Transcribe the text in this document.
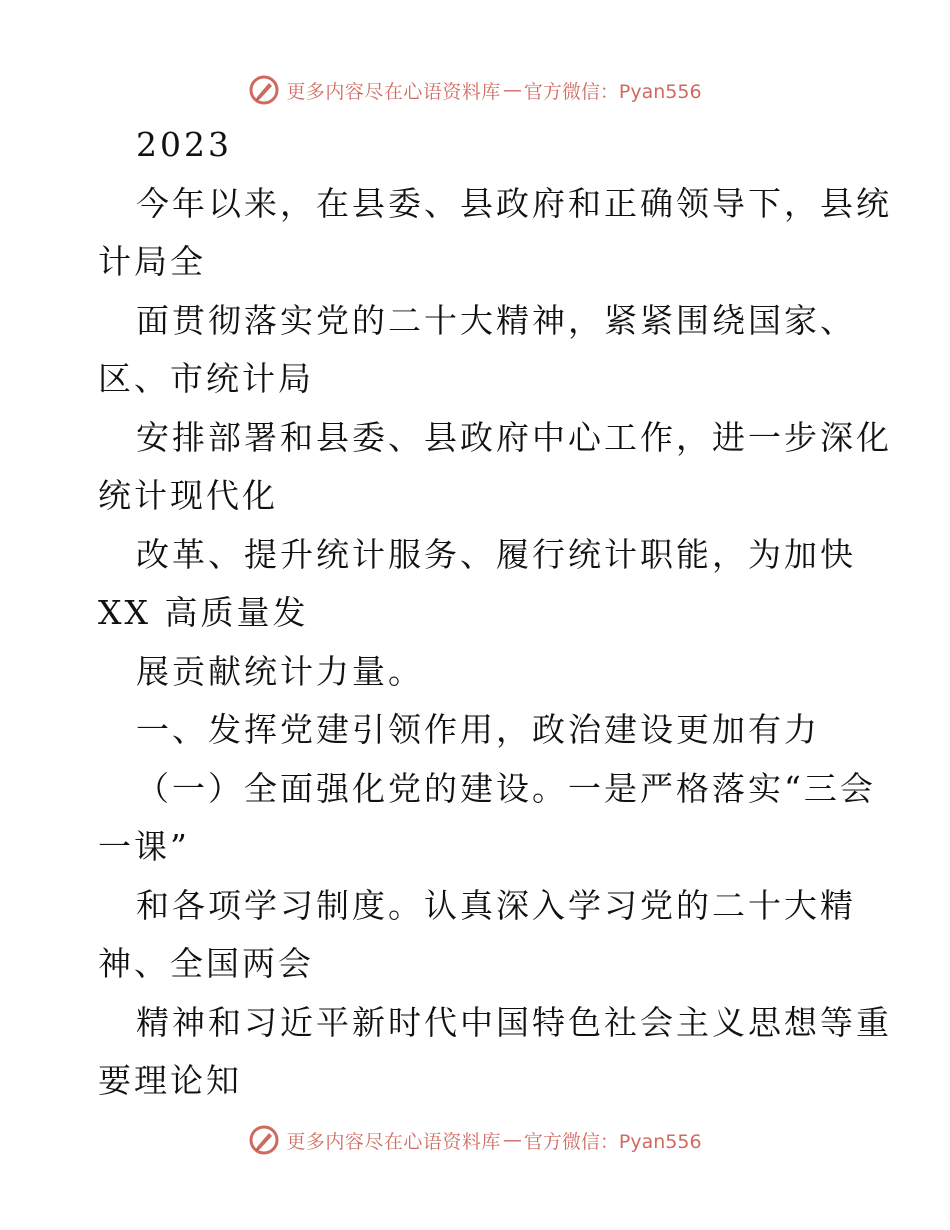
更多内容尽在心语资料库 — 官方微信：Pyan556
2023
今年以来，在县委、县政府和正确领导下，县统
计局全
面贯彻落实党的二十大精神，紧紧围绕国家、
区、市统计局
安排部署和县委、县政府中心工作，进一步深化
统计现代化
改革、提升统计服务、履行统计职能，为加快
XX 高质量发
展贡献统计力量。
一、发挥党建引领作用，政治建设更加有力
（一）全面强化党的建设。一是严格落实“三会
一课”
和各项学习制度。认真深入学习党的二十大精
神、全国两会
精神和习近平新时代中国特色社会主义思想等重
要理论知
更多内容尽在心语资料库 — 官方微信：Pyan556
